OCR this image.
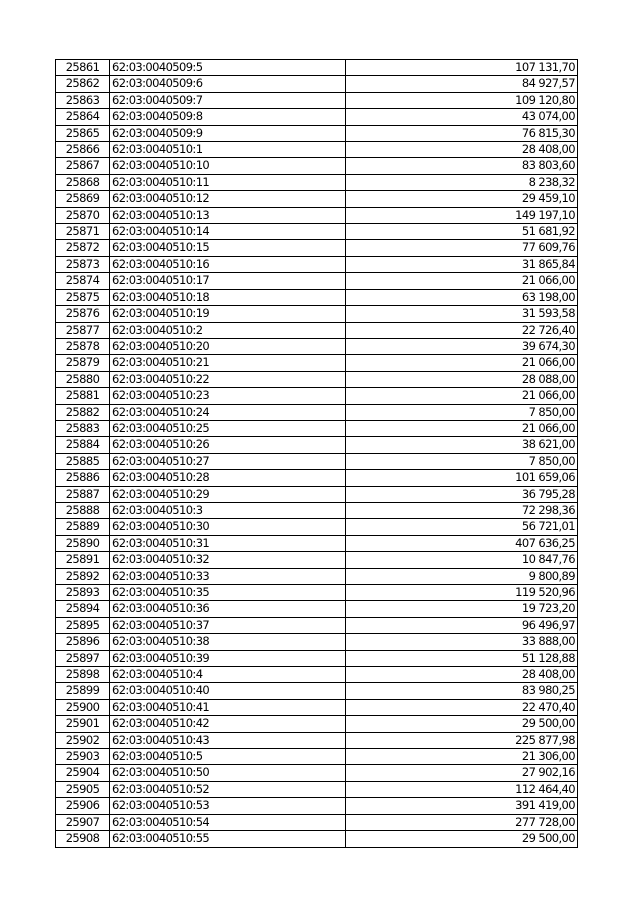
25861	62:03:0040509:5	107 131,70
25862	62:03:0040509:6	84 927,57
25863	62:03:0040509:7	109 120,80
25864	62:03:0040509:8	43 074,00
25865	62:03:0040509:9	76 815,30
25866	62:03:0040510:1	28 408,00
25867	62:03:0040510:10	83 803,60
25868	62:03:0040510:11	8 238,32
25869	62:03:0040510:12	29 459,10
25870	62:03:0040510:13	149 197,10
25871	62:03:0040510:14	51 681,92
25872	62:03:0040510:15	77 609,76
25873	62:03:0040510:16	31 865,84
25874	62:03:0040510:17	21 066,00
25875	62:03:0040510:18	63 198,00
25876	62:03:0040510:19	31 593,58
25877	62:03:0040510:2	22 726,40
25878	62:03:0040510:20	39 674,30
25879	62:03:0040510:21	21 066,00
25880	62:03:0040510:22	28 088,00
25881	62:03:0040510:23	21 066,00
25882	62:03:0040510:24	7 850,00
25883	62:03:0040510:25	21 066,00
25884	62:03:0040510:26	38 621,00
25885	62:03:0040510:27	7 850,00
25886	62:03:0040510:28	101 659,06
25887	62:03:0040510:29	36 795,28
25888	62:03:0040510:3	72 298,36
25889	62:03:0040510:30	56 721,01
25890	62:03:0040510:31	407 636,25
25891	62:03:0040510:32	10 847,76
25892	62:03:0040510:33	9 800,89
25893	62:03:0040510:35	119 520,96
25894	62:03:0040510:36	19 723,20
25895	62:03:0040510:37	96 496,97
25896	62:03:0040510:38	33 888,00
25897	62:03:0040510:39	51 128,88
25898	62:03:0040510:4	28 408,00
25899	62:03:0040510:40	83 980,25
25900	62:03:0040510:41	22 470,40
25901	62:03:0040510:42	29 500,00
25902	62:03:0040510:43	225 877,98
25903	62:03:0040510:5	21 306,00
25904	62:03:0040510:50	27 902,16
25905	62:03:0040510:52	112 464,40
25906	62:03:0040510:53	391 419,00
25907	62:03:0040510:54	277 728,00
25908	62:03:0040510:55	29 500,00
